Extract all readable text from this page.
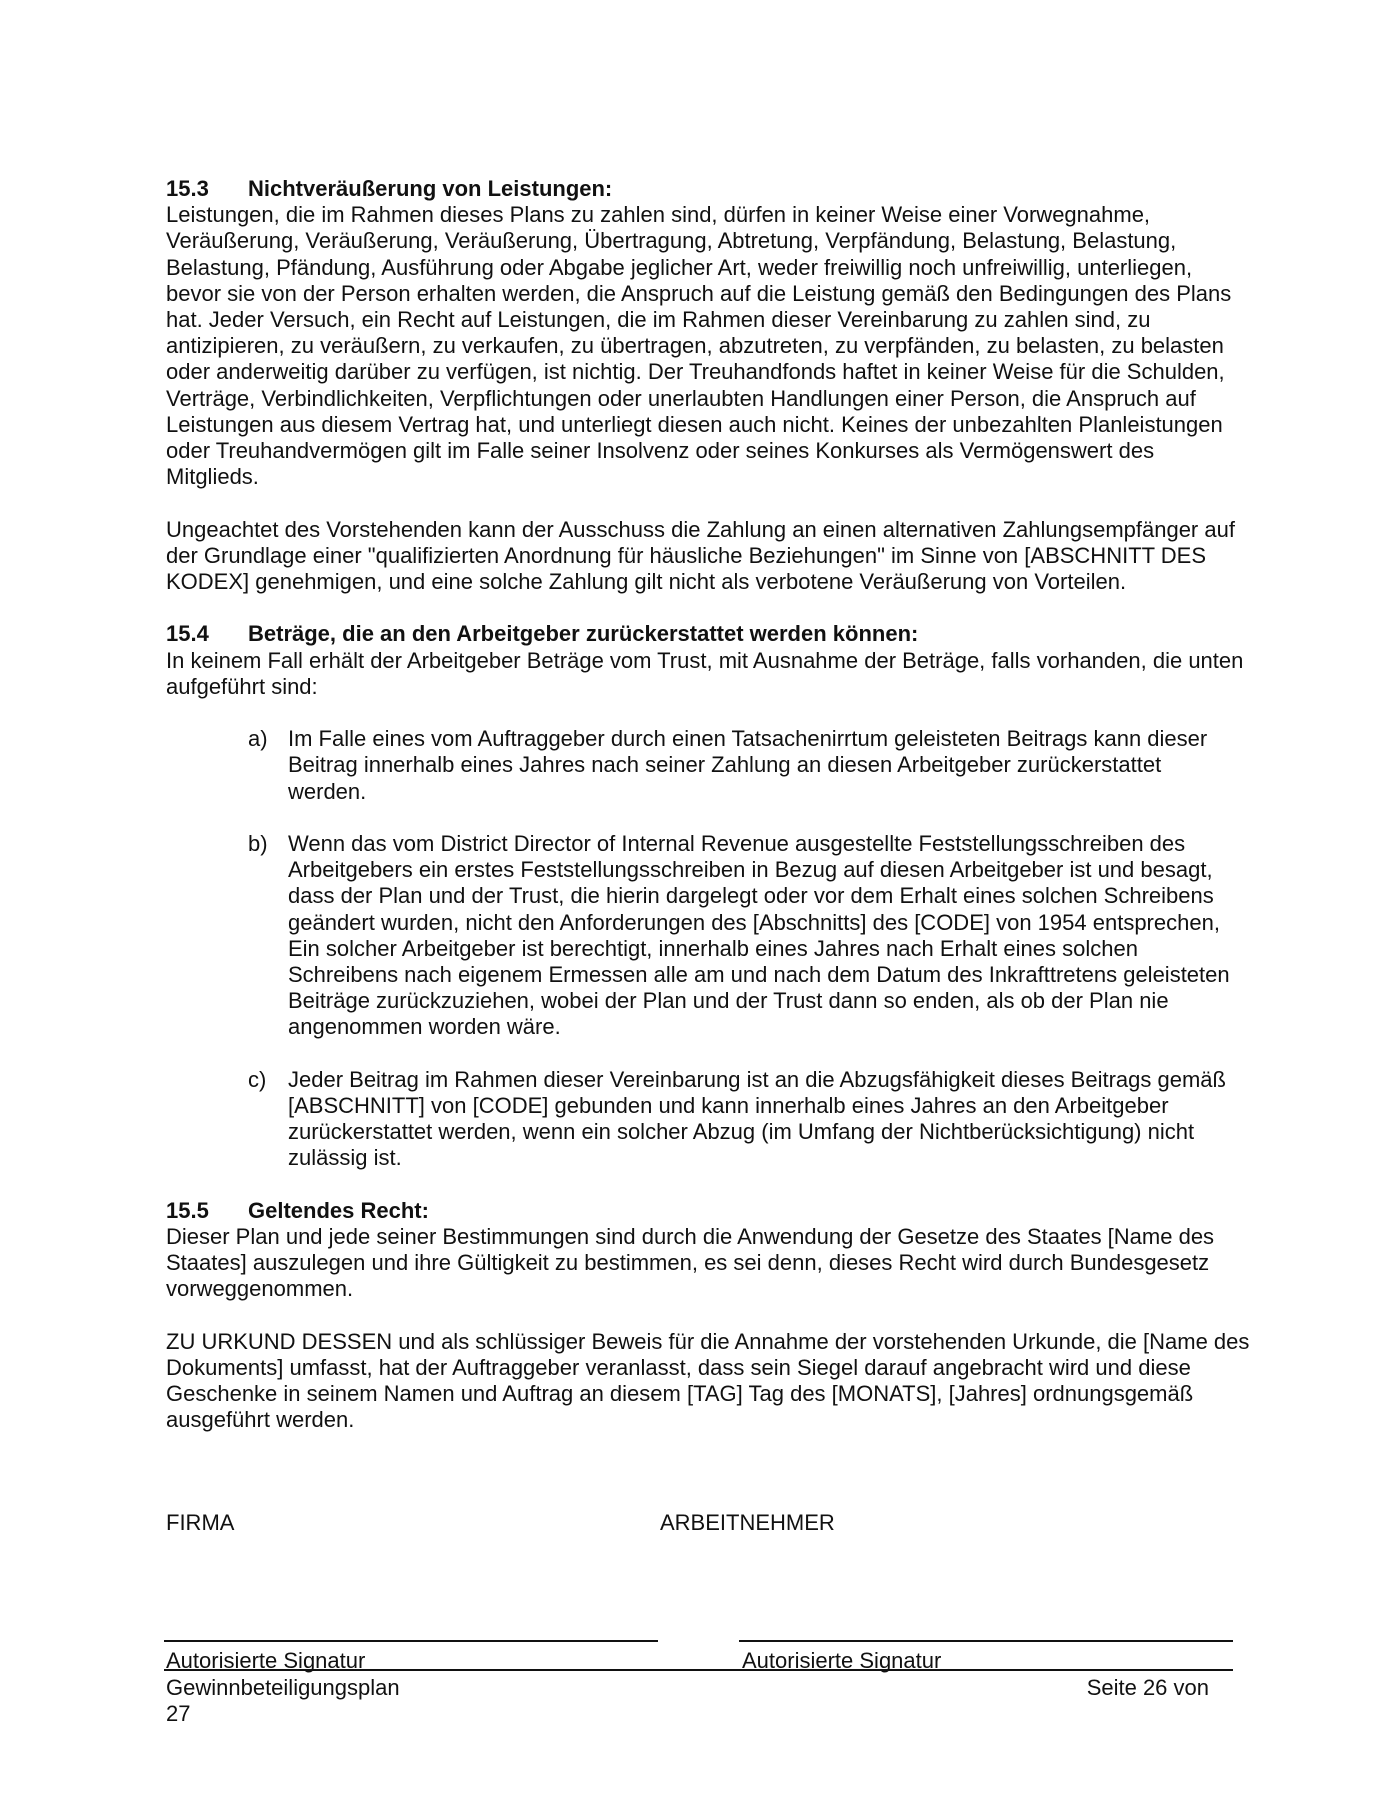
15.3	Nichtveräußerung von Leistungen:

Leistungen, die im Rahmen dieses Plans zu zahlen sind, dürfen in keiner Weise einer Vorwegnahme, Veräußerung, Veräußerung, Veräußerung, Übertragung, Abtretung, Verpfändung, Belastung, Belastung, Belastung, Pfändung, Ausführung oder Abgabe jeglicher Art, weder freiwillig noch unfreiwillig, unterliegen, bevor sie von der Person erhalten werden, die Anspruch auf die Leistung gemäß den Bedingungen des Plans hat. Jeder Versuch, ein Recht auf Leistungen, die im Rahmen dieser Vereinbarung zu zahlen sind, zu antizipieren, zu veräußern, zu verkaufen, zu übertragen, abzutreten, zu verpfänden, zu belasten, zu belasten oder anderweitig darüber zu verfügen, ist nichtig. Der Treuhandfonds haftet in keiner Weise für die Schulden, Verträge, Verbindlichkeiten, Verpflichtungen oder unerlaubten Handlungen einer Person, die Anspruch auf Leistungen aus diesem Vertrag hat, und unterliegt diesen auch nicht. Keines der unbezahlten Planleistungen oder Treuhandvermögen gilt im Falle seiner Insolvenz oder seines Konkurses als Vermögenswert des Mitglieds.

Ungeachtet des Vorstehenden kann der Ausschuss die Zahlung an einen alternativen Zahlungsempfänger auf der Grundlage einer "qualifizierten Anordnung für häusliche Beziehungen" im Sinne von [ABSCHNITT DES KODEX] genehmigen, und eine solche Zahlung gilt nicht als verbotene Veräußerung von Vorteilen.

15.4	Beträge, die an den Arbeitgeber zurückerstattet werden können:

In keinem Fall erhält der Arbeitgeber Beträge vom Trust, mit Ausnahme der Beträge, falls vorhanden, die unten aufgeführt sind:

a) Im Falle eines vom Auftraggeber durch einen Tatsachenirrtum geleisteten Beitrags kann dieser Beitrag innerhalb eines Jahres nach seiner Zahlung an diesen Arbeitgeber zurückerstattet werden.
b) Wenn das vom District Director of Internal Revenue ausgestellte Feststellungsschreiben des Arbeitgebers ein erstes Feststellungsschreiben in Bezug auf diesen Arbeitgeber ist und besagt, dass der Plan und der Trust, die hierin dargelegt oder vor dem Erhalt eines solchen Schreibens geändert wurden, nicht den Anforderungen des [Abschnitts] des [CODE] von 1954 entsprechen, Ein solcher Arbeitgeber ist berechtigt, innerhalb eines Jahres nach Erhalt eines solchen Schreibens nach eigenem Ermessen alle am und nach dem Datum des Inkrafttretens geleisteten Beiträge zurückzuziehen, wobei der Plan und der Trust dann so enden, als ob der Plan nie angenommen worden wäre.
c) Jeder Beitrag im Rahmen dieser Vereinbarung ist an die Abzugsfähigkeit dieses Beitrags gemäß [ABSCHNITT] von [CODE] gebunden und kann innerhalb eines Jahres an den Arbeitgeber zurückerstattet werden, wenn ein solcher Abzug (im Umfang der Nichtberücksichtigung) nicht zulässig ist.
15.5	Geltendes Recht:

Dieser Plan und jede seiner Bestimmungen sind durch die Anwendung der Gesetze des Staates [Name des Staates] auszulegen und ihre Gültigkeit zu bestimmen, es sei denn, dieses Recht wird durch Bundesgesetz vorweggenommen.

ZU URKUND DESSEN und als schlüssiger Beweis für die Annahme der vorstehenden Urkunde, die [Name des Dokuments] umfasst, hat der Auftraggeber veranlasst, dass sein Siegel darauf angebracht wird und diese Geschenke in seinem Namen und Auftrag an diesem [TAG] Tag des [MONATS], [Jahres] ordnungsgemäß ausgeführt werden.

FIRMA	ARBEITNEHMER
Autorisierte Signatur	Autorisierte Signatur
Gewinnbeteiligungsplan	Seite 26 von
27
